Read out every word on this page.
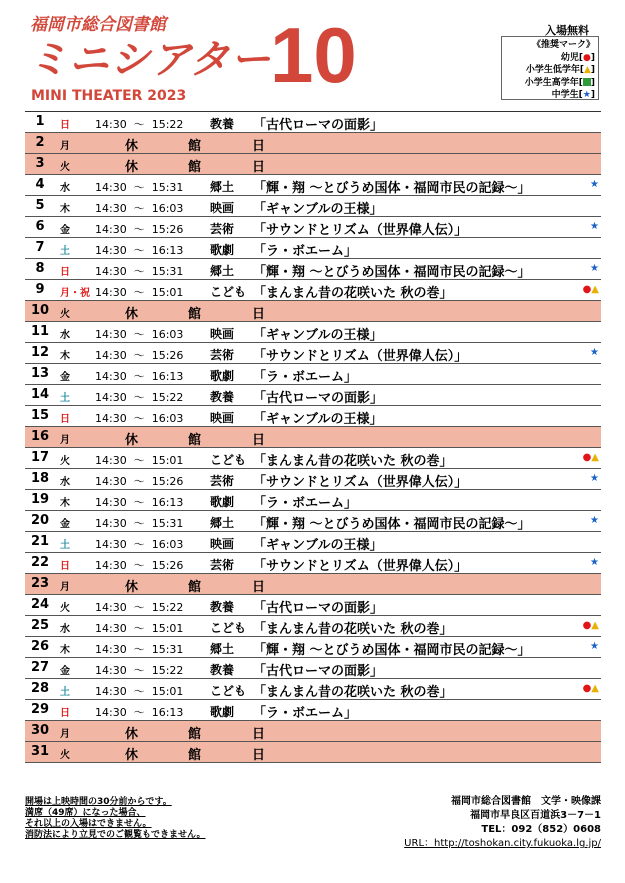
福岡市総合図書館
ミニシアター
MINI THEATER 2023 10	入場無料
《推奨マーク》
幼児[●]
小学生低学年[▲]
小学生高学年[ ]
中学生[★]
1	日	14:30 ～ 15:22 教養 「古代ローマの面影」
2	月	休	館	日
3	火	休	館	日
4	水	14:30 ～ 15:31 郷土 「輝・翔 ～とびうめ国体・福岡市民の記録～」	★
5	木	14:30 ～ 16:03 映画 「ギャンブルの王様」
6	金	14:30 ～ 15:26 芸術 「サウンドとリズム（世界偉人伝）」	★
7	土	14:30 ～ 16:13 歌劇 「ラ・ボエーム」
8	日	14:30 ～ 15:31 郷土 「輝・翔 ～とびうめ国体・福岡市民の記録～」	★
9	月・祝 14:30 ～ 15:01 こども 「まんまん昔の花咲いた 秋の巻」	●▲
10 火	休	館	日
11 水	14:30 ～ 16:03 映画 「ギャンブルの王様」
12 木	14:30 ～ 15:26 芸術 「サウンドとリズム（世界偉人伝）」	★
13 金	14:30 ～ 16:13 歌劇 「ラ・ボエーム」
14 土	14:30 ～ 15:22 教養 「古代ローマの面影」
15 日	14:30 ～ 16:03 映画 「ギャンブルの王様」
16 月	休	館	日
17 火	14:30 ～ 15:01 こども 「まんまん昔の花咲いた 秋の巻」	●▲
18 水	14:30 ～ 15:26 芸術 「サウンドとリズム（世界偉人伝）」	★
19 木	14:30 ～ 16:13 歌劇 「ラ・ボエーム」
20 金	14:30 ～ 15:31 郷土 「輝・翔 ～とびうめ国体・福岡市民の記録～」	★
21 土	14:30 ～ 16:03 映画 「ギャンブルの王様」
22 日	14:30 ～ 15:26 芸術 「サウンドとリズム（世界偉人伝）」	★
23 月	休	館	日
24 火	14:30 ～ 15:22 教養 「古代ローマの面影」
25 水	14:30 ～ 15:01 こども 「まんまん昔の花咲いた 秋の巻」	●▲
26 木	14:30 ～ 15:31 郷土 「輝・翔 ～とびうめ国体・福岡市民の記録～」	★
27 金	14:30 ～ 15:22 教養 「古代ローマの面影」
28 土	14:30 ～ 15:01 こども 「まんまん昔の花咲いた 秋の巻」	●▲
29 日	14:30 ～ 16:13 歌劇 「ラ・ボエーム」
30 月	休	館	日
31 火	休	館	日
開場は上映時間の30分前からです。
満席（49席）になった場合、
それ以上の入場はできません。
消防法により立見でのご観覧もできません。
福岡市総合図書館　文学・映像課
福岡市早良区百道浜3－7－1
TEL：092（852）0608
URL：http://toshokan.city.fukuoka.lg.jp/
